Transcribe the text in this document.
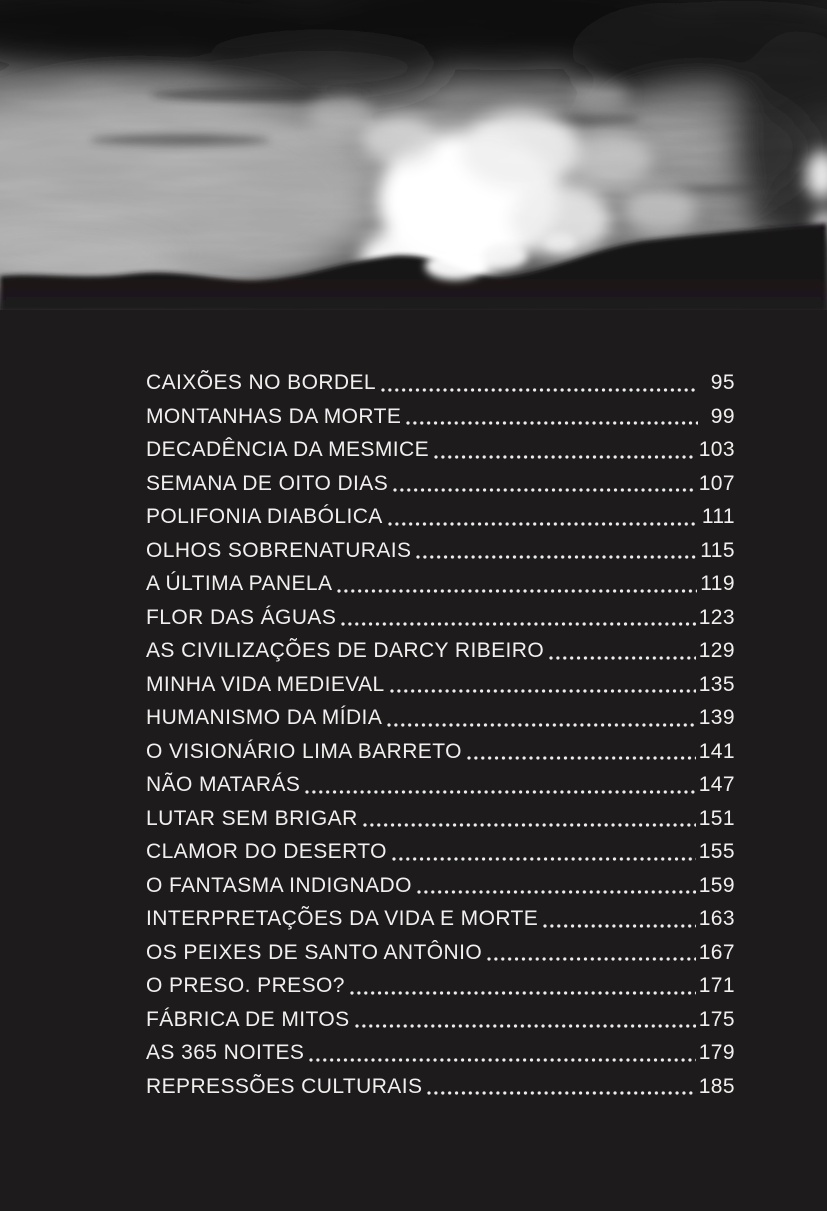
CAIXÕES NO BORDEL	95
MONTANHAS DA MORTE	99
DECADÊNCIA DA MESMICE	103
SEMANA DE OITO DIAS	107
POLIFONIA DIABÓLICA	111
OLHOS SOBRENATURAIS	115
A ÚLTIMA PANELA	119
FLOR DAS ÁGUAS	123
AS CIVILIZAÇÕES DE DARCY RIBEIRO	129
MINHA VIDA MEDIEVAL	135
HUMANISMO DA MÍDIA	139
O VISIONÁRIO LIMA BARRETO	141
NÃO MATARÁS	147
LUTAR SEM BRIGAR	151
CLAMOR DO DESERTO	155
O FANTASMA INDIGNADO	159
INTERPRETAÇÕES DA VIDA E MORTE	163
OS PEIXES DE SANTO ANTÔNIO	167
O PRESO. PRESO?	171
FÁBRICA DE MITOS	175
AS 365 NOITES	179
REPRESSÕES CULTURAIS	185
